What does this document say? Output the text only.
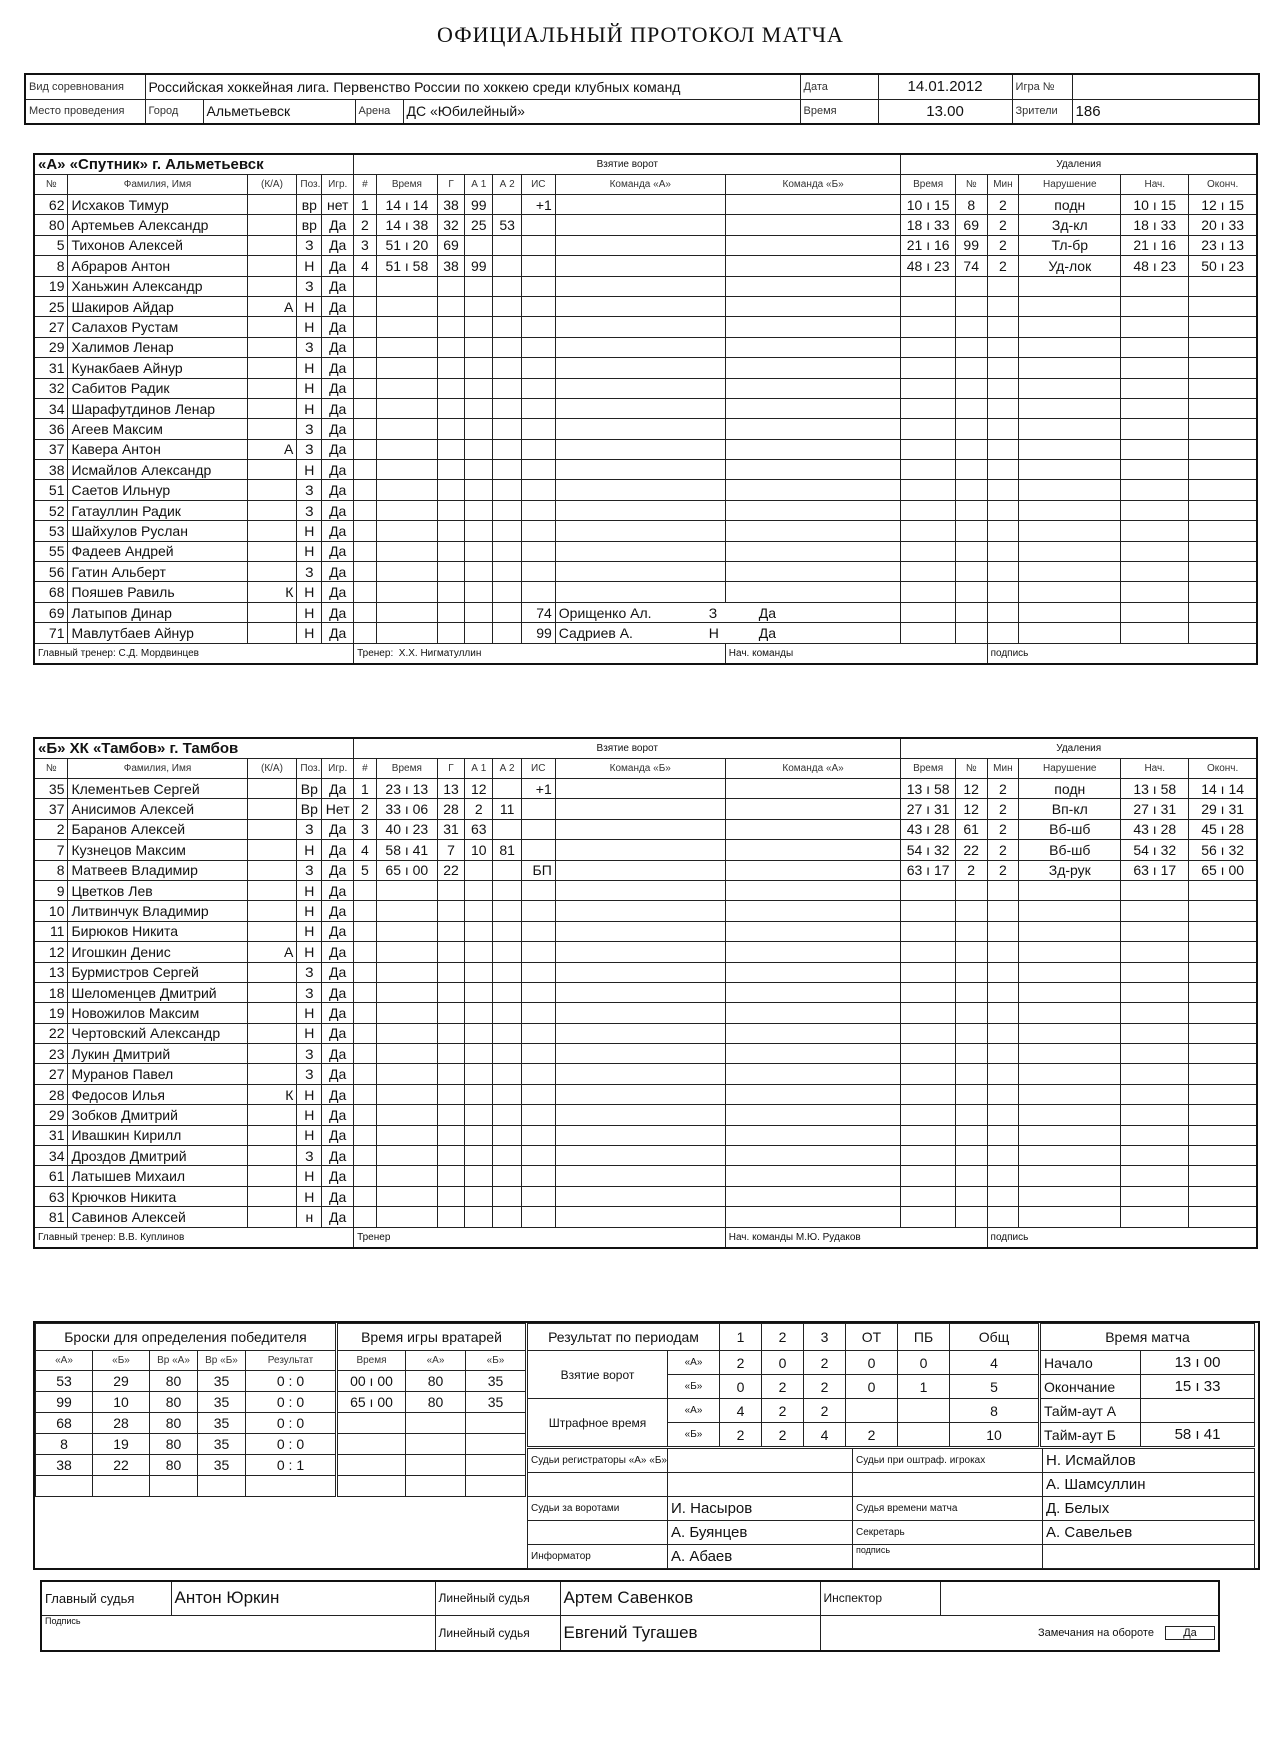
ОФИЦИАЛЬНЫЙ ПРОТОКОЛ МАТЧА
Вид соревнования	Российская хоккейная лига. Первенство России по хоккею среди клубных команд				Дата	14.01.2012	Игра №	
Место проведения	Город	Альметьевск	Арена	ДС «Юбилейный»	Время	13.00	Зрители	186
«А» «Спутник» г. Альметьевск					Взятие ворот								Удаления					
№	Фамилия, Имя	(К/А)	Поз.	Игр.	#	Время	Г	А 1	А 2	ИС	Команда «А»	Команда «Б»	Время	№	Мин	Нарушение	Нач.	Оконч.
62	Исхаков Тимур		вр	нет	1	14 ı 14	38	99		+1			10 ı 15	8	2	подн	10 ı 15	12 ı 15
80	Артемьев Александр		вр	Да	2	14 ı 38	32	25	53				18 ı 33	69	2	Зд-кл	18 ı 33	20 ı 33
5	Тихонов Алексей		З	Да	3	51 ı 20	69						21 ı 16	99	2	Тл-бр	21 ı 16	23 ı 13
8	Абраров Антон		Н	Да	4	51 ı 58	38	99					48 ı 23	74	2	Уд-лок	48 ı 23	50 ı 23
19	Ханьжин Александр		З	Да														
25	Шакиров Айдар	А	Н	Да														
27	Салахов Рустам		Н	Да														
29	Халимов Ленар		З	Да														
31	Кунакбаев Айнур		Н	Да														
32	Сабитов Радик		Н	Да														
34	Шарафутдинов Ленар		Н	Да														
36	Агеев Максим		З	Да														
37	Кавера Антон	А	З	Да														
38	Исмайлов Александр		Н	Да														
51	Саетов Ильнур		З	Да														
52	Гатауллин Радик		З	Да														
53	Шайхулов Руслан		Н	Да														
55	Фадеев Андрей		Н	Да														
56	Гатин Альберт		З	Да														
68	Пояшев Равиль	К	Н	Да														
69	Латыпов Динар		Н	Да						74	Орищенко Ал. З Да							
71	Мавлутбаев Айнур		Н	Да						99	Садриев А. Н Да							
Главный тренер: С.Д. Мордвинцев					Тренер:  Х.Х. Нигматуллин							Нач. команды			подпись			
«Б» ХК «Тамбов» г. Тамбов					Взятие ворот								Удаления					
№	Фамилия, Имя	(К/А)	Поз.	Игр.	#	Время	Г	А 1	А 2	ИС	Команда «Б»	Команда «А»	Время	№	Мин	Нарушение	Нач.	Оконч.
35	Клементьев Сергей		Вр	Да	1	23 ı 13	13	12		+1			13 ı 58	12	2	подн	13 ı 58	14 ı 14
37	Анисимов Алексей		Вр	Нет	2	33 ı 06	28	2	11				27 ı 31	12	2	Вп-кл	27 ı 31	29 ı 31
2	Баранов Алексей		З	Да	3	40 ı 23	31	63					43 ı 28	61	2	Вб-шб	43 ı 28	45 ı 28
7	Кузнецов Максим		Н	Да	4	58 ı 41	7	10	81				54 ı 32	22	2	Вб-шб	54 ı 32	56 ı 32
8	Матвеев Владимир		З	Да	5	65 ı 00	22			БП			63 ı 17	2	2	Зд-рук	63 ı 17	65 ı 00
9	Цветков Лев		Н	Да														
10	Литвинчук Владимир		Н	Да														
11	Бирюков Никита		Н	Да														
12	Игошкин Денис	А	Н	Да														
13	Бурмистров Сергей		З	Да														
18	Шеломенцев Дмитрий		З	Да														
19	Новожилов Максим		Н	Да														
22	Чертовский Александр		Н	Да														
23	Лукин Дмитрий		З	Да														
27	Муранов Павел		З	Да														
28	Федосов Илья	К	Н	Да														
29	Зобков Дмитрий		Н	Да														
31	Ивашкин Кирилл		Н	Да														
34	Дроздов Дмитрий		З	Да														
61	Латышев Михаил		Н	Да														
63	Крючков Никита		Н	Да														
81	Савинов Алексей		н	Да														
Главный тренер: В.В. Куплинов					Тренер							Нач. команды М.Ю. Рудаков			подпись			
Броски для определения победителя				
«А»	«Б»	Вр «А»	Вр «Б»	Результат
53	29	80	35	0 : 0
99	10	80	35	0 : 0
68	28	80	35	0 : 0
8	19	80	35	0 : 0
38	22	80	35	0 : 1

Время игры вратарей		
Время	«А»	«Б»
00 ı 00	80	35
65 ı 00	80	35

Результат по периодам		1	2	3	ОТ	ПБ	Общ
Взятие ворот	«А»	2	0	2	0	0	4
	«Б»	0	2	2	0	1	5
Штрафное время	«А»	4	2	2			8
	«Б»	2	2	4	2		10
Время матча	
Начало	13 ı 00
Окончание	15 ı 33
Тайм-аут А	
Тайм-аут Б	58 ı 41
Судьи регистраторы «А» «Б»		Судьи при оштраф. игроках	Н. Исмайлов
			А. Шамсуллин
Судьи за воротами	И. Насыров	Судья времени матча	Д. Белых
	А. Буянцев	Секретарь	А. Савельев
Информатор	А. Абаев	подпись	
Главный судья	Антон Юркин	Линейный судья	Артем Савенков	Инспектор	
Подпись		Линейный судья	Евгений Тугашев	Замечания на обороте Да	
